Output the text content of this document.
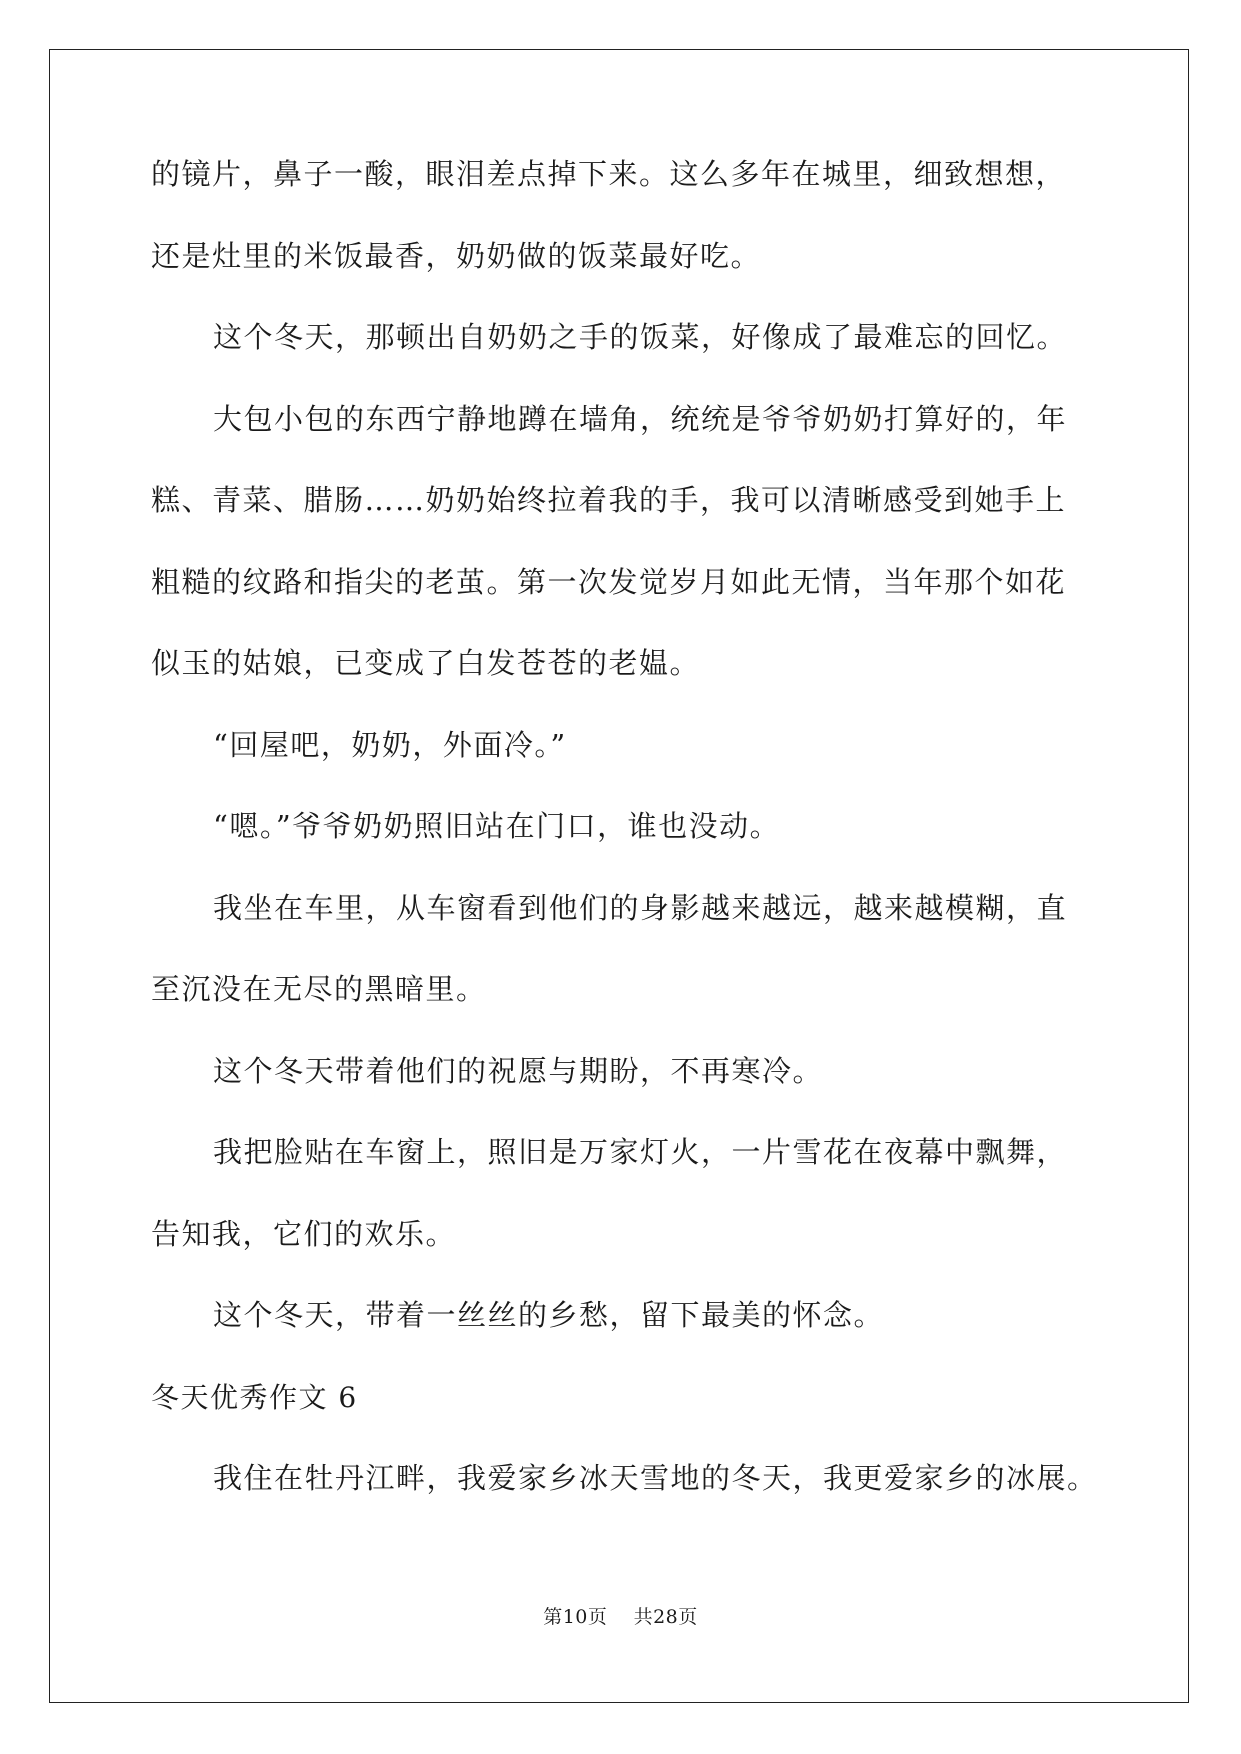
的镜片，鼻子一酸，眼泪差点掉下来。这么多年在城里，细致想想，
还是灶里的米饭最香，奶奶做的饭菜最好吃。
这个冬天，那顿出自奶奶之手的饭菜，好像成了最难忘的回忆。
大包小包的东西宁静地蹲在墙角，统统是爷爷奶奶打算好的，年
糕、青菜、腊肠……奶奶始终拉着我的手，我可以清晰感受到她手上
粗糙的纹路和指尖的老茧。第一次发觉岁月如此无情，当年那个如花
似玉的姑娘，已变成了白发苍苍的老媪。
“回屋吧，奶奶，外面冷。”
“嗯。”爷爷奶奶照旧站在门口，谁也没动。
我坐在车里，从车窗看到他们的身影越来越远，越来越模糊，直
至沉没在无尽的黑暗里。
这个冬天带着他们的祝愿与期盼，不再寒冷。
我把脸贴在车窗上，照旧是万家灯火，一片雪花在夜幕中飘舞，
告知我，它们的欢乐。
这个冬天，带着一丝丝的乡愁，留下最美的怀念。
冬天优秀作文 6
我住在牡丹江畔，我爱家乡冰天雪地的冬天，我更爱家乡的冰展。
第10页 共28页
